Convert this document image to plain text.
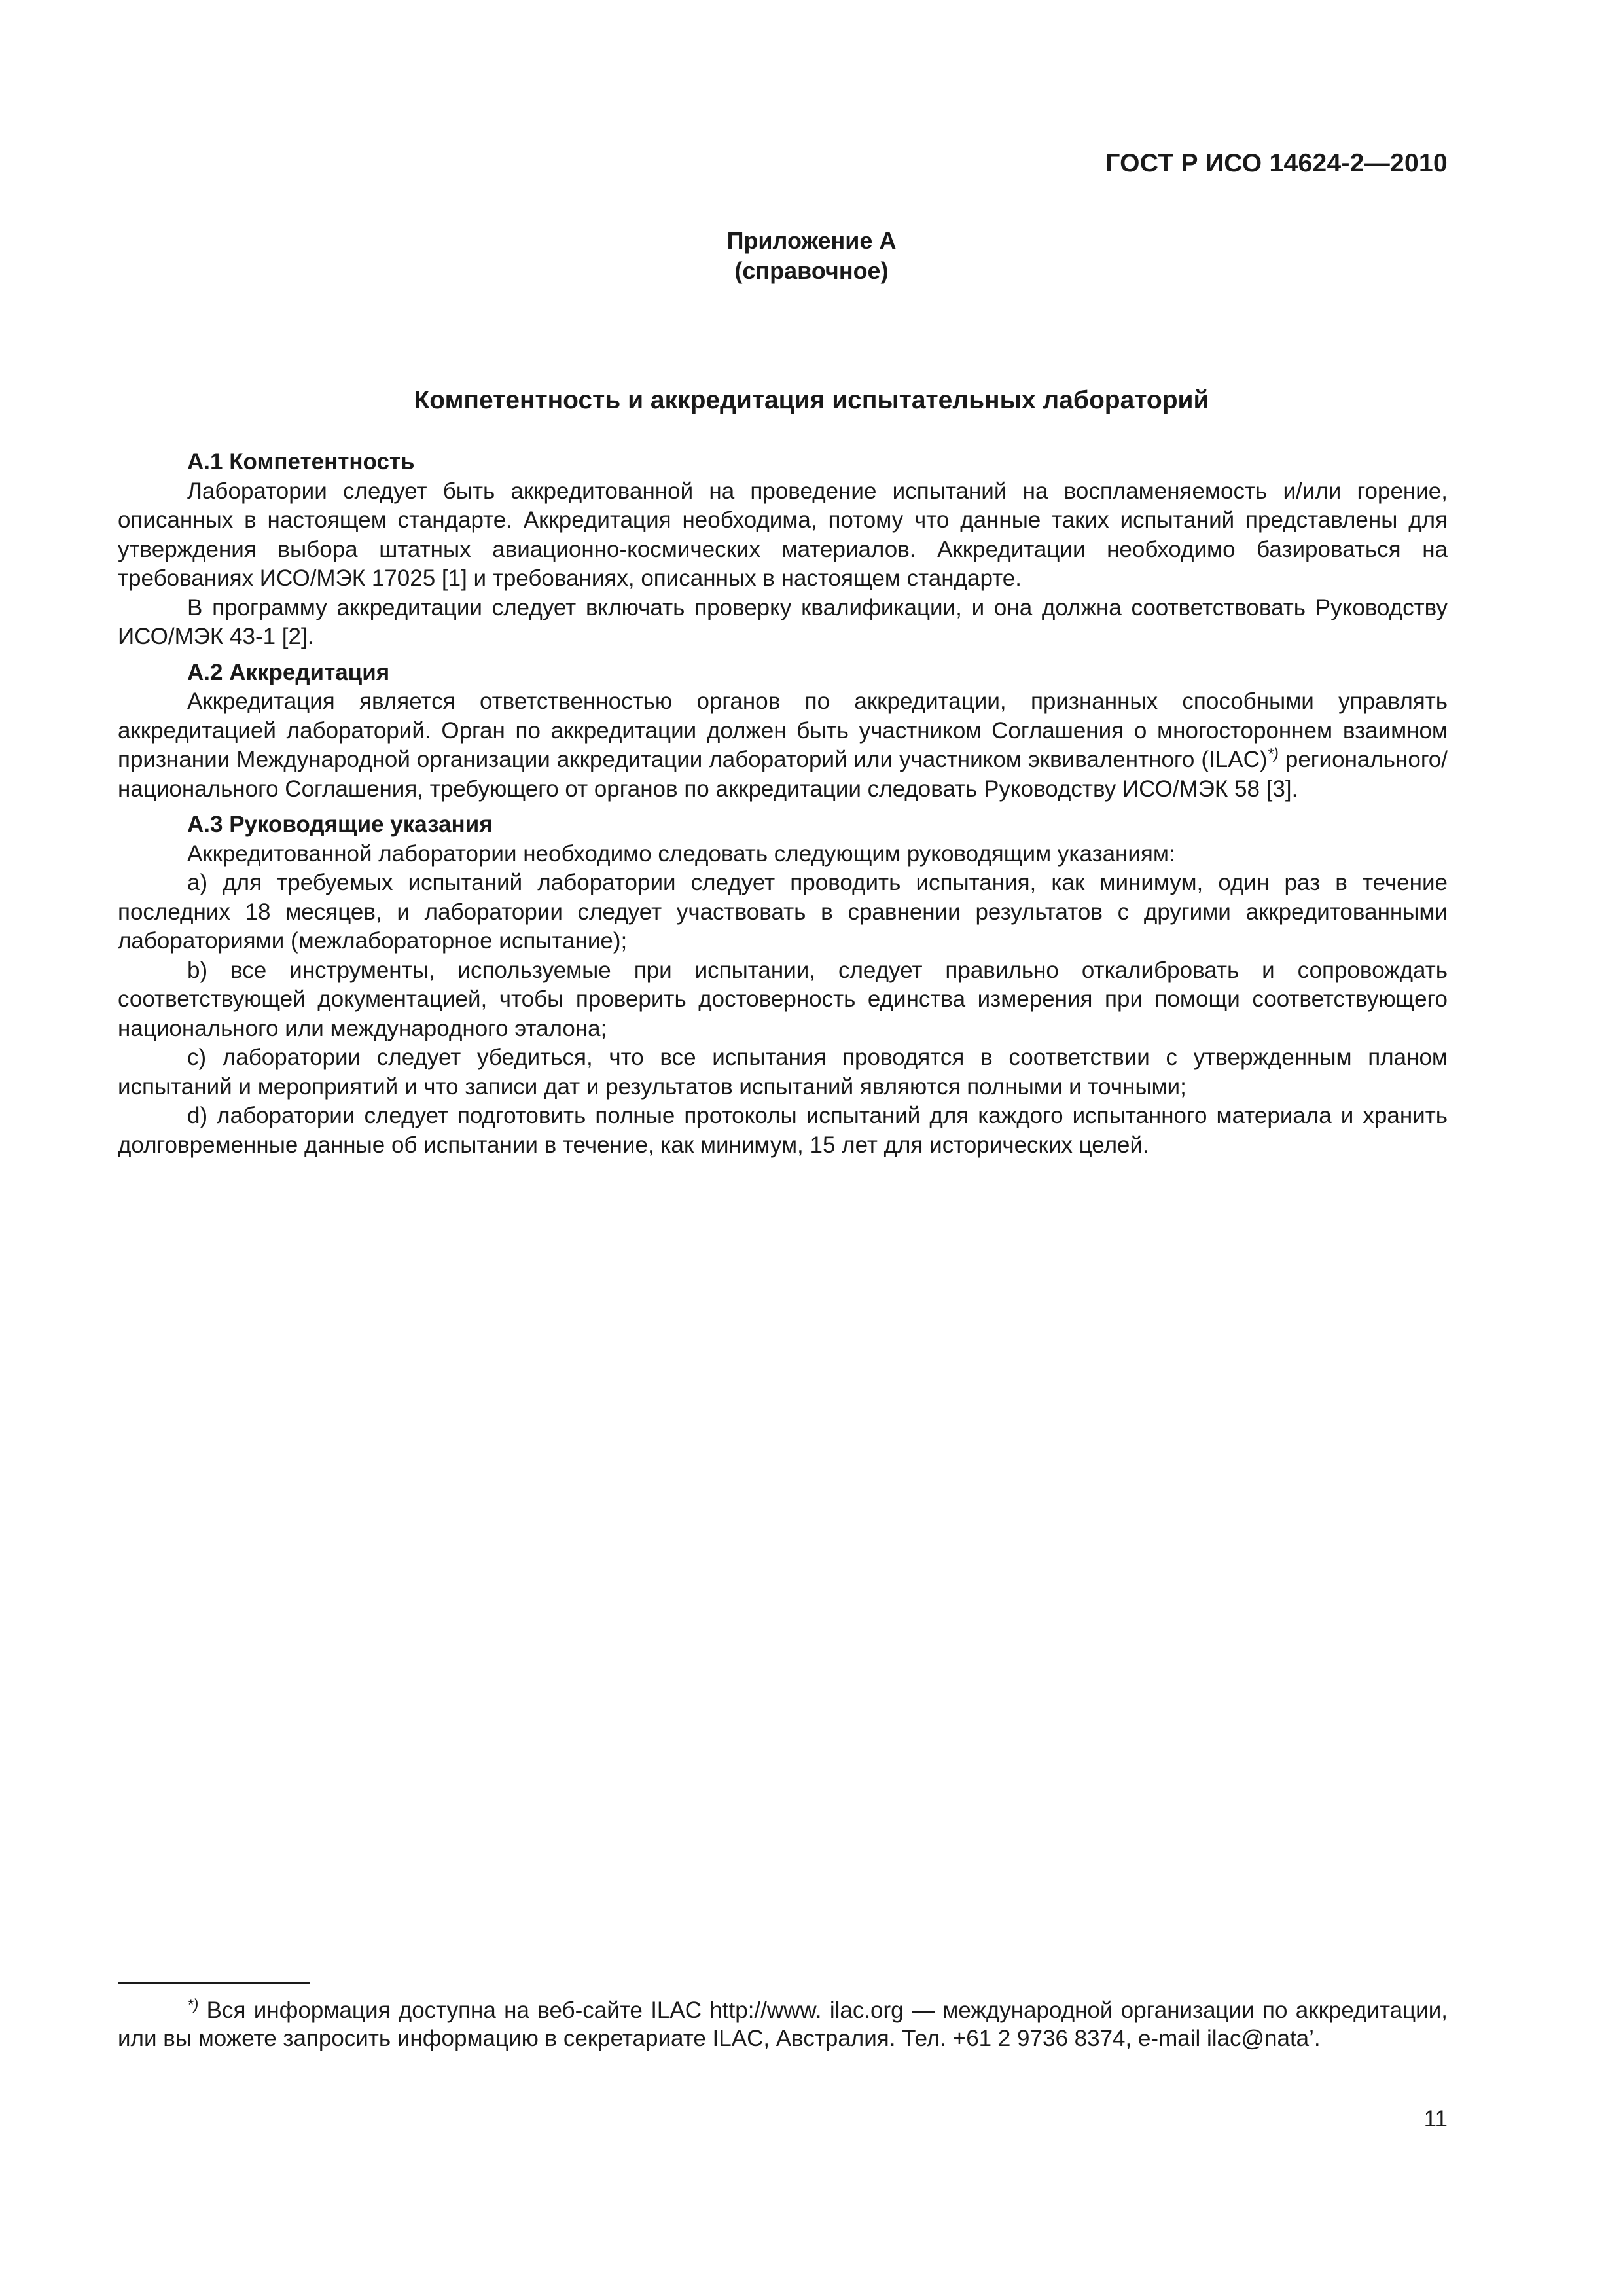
ГОСТ Р ИСО 14624-2—2010
Приложение А
(справочное)
Компетентность и аккредитация испытательных лабораторий
А.1 Компетентность

Лаборатории следует быть аккредитованной на проведение испытаний на воспламеняемость и/или горение, описанных в настоящем стандарте. Аккредитация необходима, потому что данные таких испытаний представлены для утверждения выбора штатных авиационно-космических материалов. Аккредитации необходимо базироваться на требованиях ИСО/МЭК 17025 [1] и требованиях, описанных в настоящем стандарте.

В программу аккредитации следует включать проверку квалификации, и она должна соответствовать Руководству ИСО/МЭК 43-1 [2].

А.2 Аккредитация

Аккредитация является ответственностью органов по аккредитации, признанных способными управлять аккредитацией лабораторий. Орган по аккредитации должен быть участником Соглашения о многостороннем взаимном признании Международной организации аккредитации лабораторий или участником эквивалентного (ILAC)*) регионального/национального Соглашения, требующего от органов по аккредитации следовать Руководству ИСО/МЭК 58 [3].

А.3 Руководящие указания

Аккредитованной лаборатории необходимо следовать следующим руководящим указаниям:

а) для требуемых испытаний лаборатории следует проводить испытания, как минимум, один раз в течение последних 18 месяцев, и лаборатории следует участвовать в сравнении результатов с другими аккредитованными лабораториями (межлабораторное испытание);

b) все инструменты, используемые при испытании, следует правильно откалибровать и сопровождать соответствующей документацией, чтобы проверить достоверность единства измерения при помощи соответствующего национального или международного эталона;

с) лаборатории следует убедиться, что все испытания проводятся в соответствии с утвержденным планом испытаний и мероприятий и что записи дат и результатов испытаний являются полными и точными;

d) лаборатории следует подготовить полные протоколы испытаний для каждого испытанного материала и хранить долговременные данные об испытании в течение, как минимум, 15 лет для исторических целей.

*) Вся информация доступна на веб-сайте ILAC http://www. ilac.org — международной организации по аккредитации, или вы можете запросить информацию в секретариате ILAC, Австралия. Тел. +61 2 9736 8374, e-mail ilac@nata’.
11
